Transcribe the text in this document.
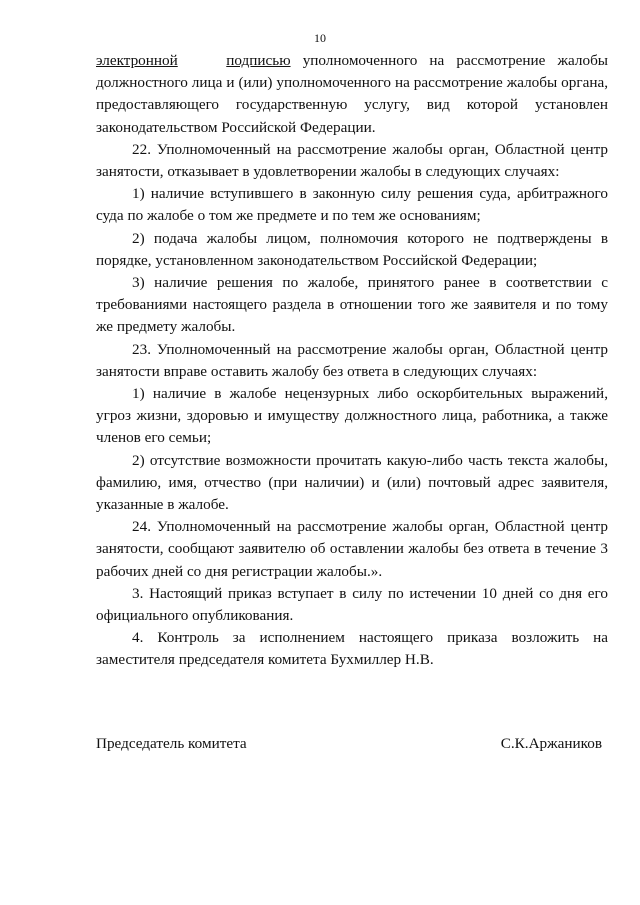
10

электронной	подписью уполномоченного на рассмотрение жалобы должностного лица и (или) уполномоченного на рассмотрение жалобы органа, предоставляющего государственную услугу, вид которой установлен законодательством Российской Федерации.

22. Уполномоченный на рассмотрение жалобы орган, Областной центр занятости, отказывает в удовлетворении жалобы в следующих случаях:

1) наличие вступившего в законную силу решения суда, арбитражного суда по жалобе о том же предмете и по тем же основаниям;

2) подача жалобы лицом, полномочия которого не подтверждены в порядке, установленном законодательством Российской Федерации;

3) наличие решения по жалобе, принятого ранее в соответствии с требованиями настоящего раздела в отношении того же заявителя и по тому же предмету жалобы.

23. Уполномоченный на рассмотрение жалобы орган, Областной центр занятости вправе оставить жалобу без ответа в следующих случаях:

1) наличие в жалобе нецензурных либо оскорбительных выражений, угроз жизни, здоровью и имуществу должностного лица, работника, а также членов его семьи;

2) отсутствие возможности прочитать какую-либо часть текста жалобы, фамилию, имя, отчество (при наличии) и (или) почтовый адрес заявителя, указанные в жалобе.

24. Уполномоченный на рассмотрение жалобы орган, Областной центр занятости, сообщают заявителю об оставлении жалобы без ответа в течение 3 рабочих дней со дня регистрации жалобы.».

3. Настоящий приказ вступает в силу по истечении 10 дней со дня его официального опубликования.

4. Контроль за исполнением настоящего приказа возложить на заместителя председателя комитета Бухмиллер Н.В.

Председатель комитета	С.К.Аржаников
